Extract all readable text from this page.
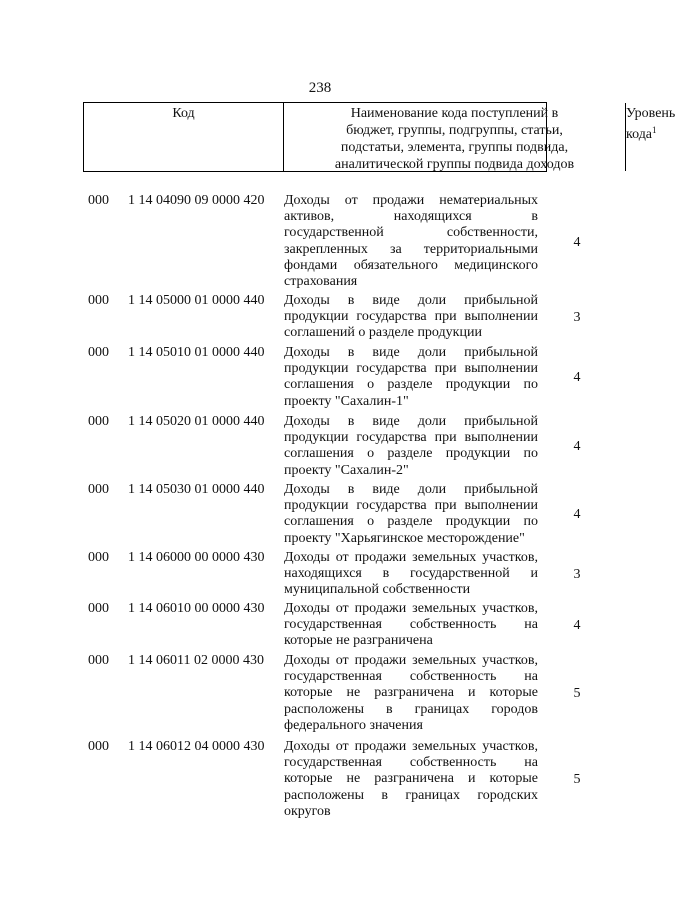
238
Код	Наименование кода поступлений в
бюджет, группы, подгруппы, статьи,
подстатьи, элемента, группы подвида,
аналитической группы подвида доходов
Уровень
кода$^1$
000 1 14 04090 09 0000 420 Доходы от продажи нематериальных
активов, находящихся в
государственной собственности,
закрепленных за территориальными
фондами обязательного медицинского
страхования
4
000 1 14 05000 01 0000 440 Доходы в виде доли прибыльной
продукции государства при выполнении
соглашений о разделе продукции
3
000 1 14 05010 01 0000 440 Доходы в виде доли прибыльной
продукции государства при выполнении
соглашения о разделе продукции по
проекту "Сахалин-1"
4
000 1 14 05020 01 0000 440 Доходы в виде доли прибыльной
продукции государства при выполнении
соглашения о разделе продукции по
проекту "Сахалин-2"
4
000 1 14 05030 01 0000 440 Доходы в виде доли прибыльной
продукции государства при выполнении
соглашения о разделе продукции по
проекту "Харьягинское месторождение"
4
000 1 14 06000 00 0000 430 Доходы от продажи земельных участков,
находящихся в государственной и
муниципальной собственности
3
000 1 14 06010 00 0000 430 Доходы от продажи земельных участков,
государственная собственность на
которые не разграничена
4
000 1 14 06011 02 0000 430 Доходы от продажи земельных участков,
государственная собственность на
которые не разграничена и которые
расположены в границах городов
федерального значения
5
000 1 14 06012 04 0000 430 Доходы от продажи земельных участков,
государственная собственность на
которые не разграничена и которые
расположены в границах городских
округов
5
